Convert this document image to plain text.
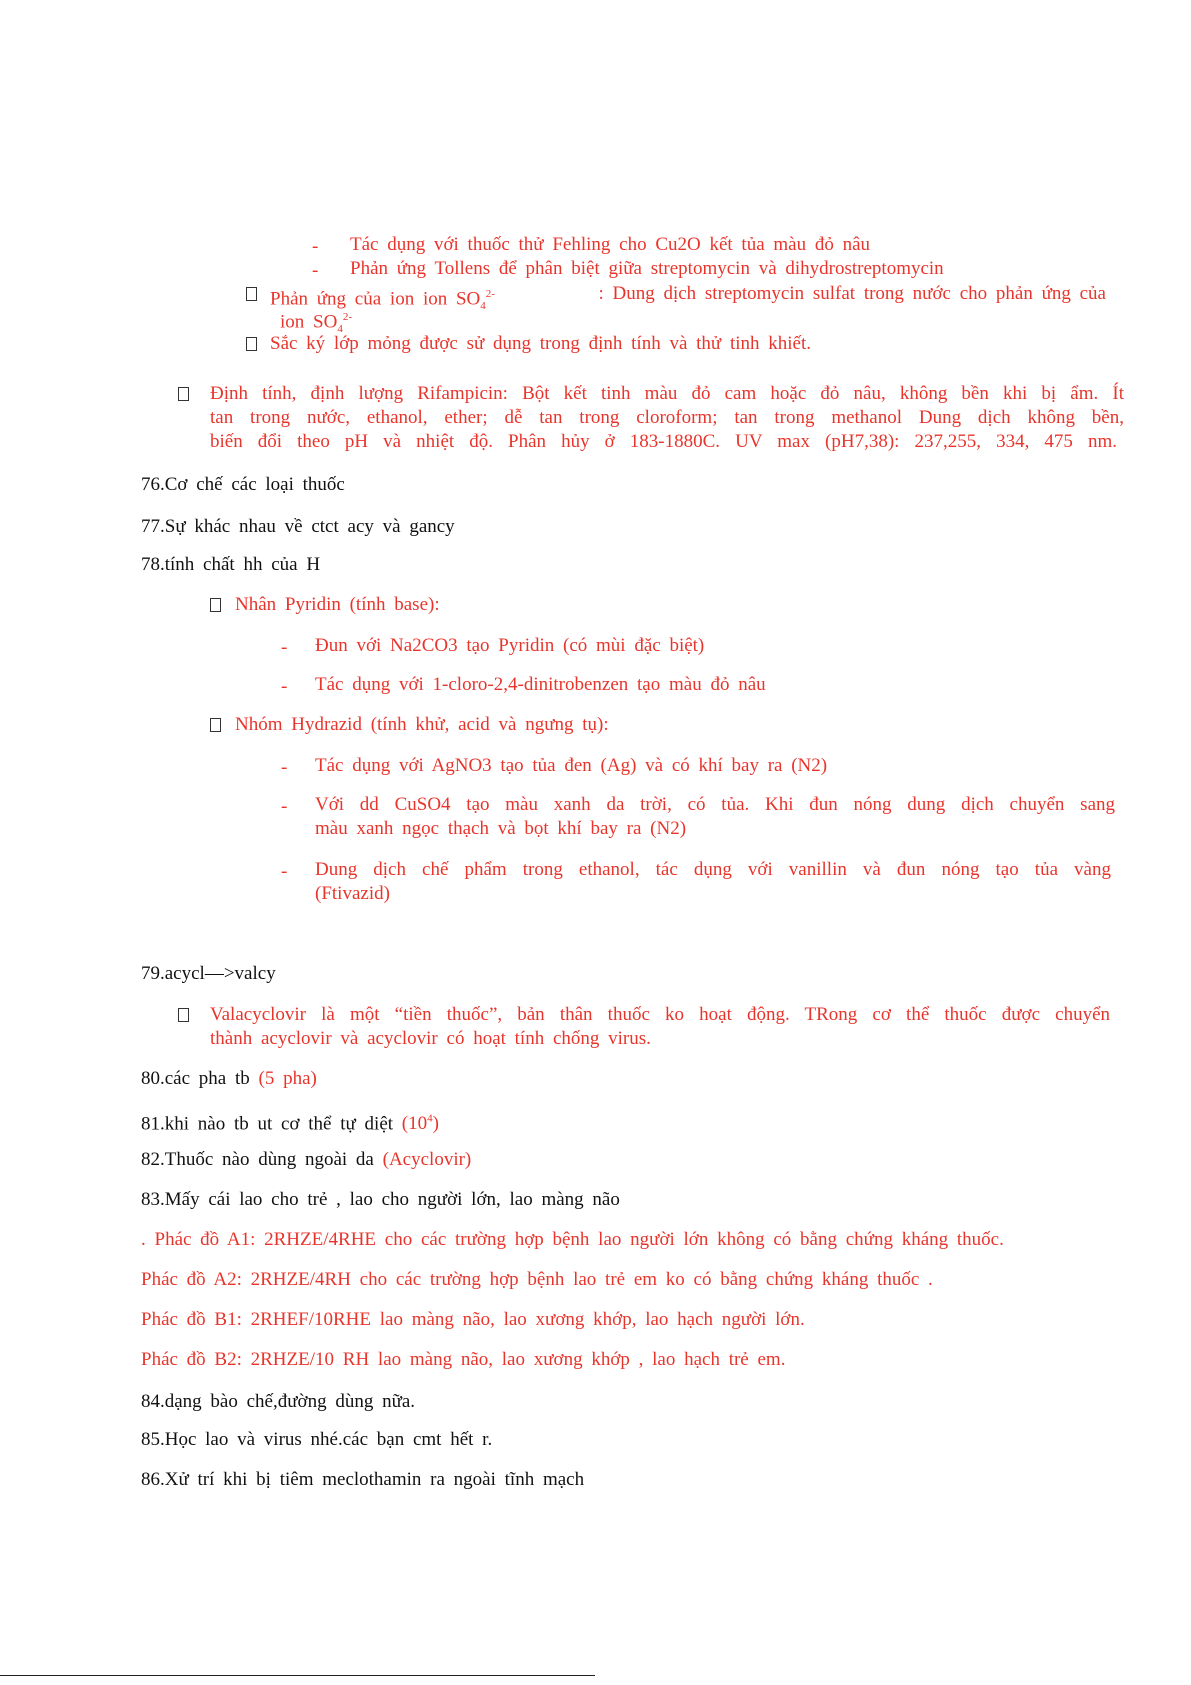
- Tác dụng với thuốc thử Fehling cho Cu2O kết tủa màu đỏ nâu
- Phản ứng Tollens để phân biệt giữa streptomycin và dihydrostreptomycin
Phản ứng của ion ion $SO_4^{2-}$	: Dung dịch streptomycin sulfat trong nước cho phản ứng của
ion $SO_4^{2-}$
Sắc ký lớp mỏng được sử dụng trong định tính và thử tinh khiết.
Định tính, định lượng Rifampicin: Bột kết tinh màu đỏ cam hoặc đỏ nâu, không bền khi bị ẩm. Ít
tan trong nước, ethanol, ether; dễ tan trong cloroform; tan trong methanol Dung dịch không bền,
biến đổi theo pH và nhiệt độ. Phân hủy ở 183-1880C. UV max (pH7,38): 237,255, 334, 475 nm.
76.Cơ chế các loại thuốc
77.Sự khác nhau về ctct acy và gancy
78.tính chất hh của H
Nhân Pyridin (tính base):
- Đun với Na2CO3 tạo Pyridin (có mùi đặc biệt)
- Tác dụng với 1-cloro-2,4-dinitrobenzen tạo màu đỏ nâu
Nhóm Hydrazid (tính khử, acid và ngưng tụ):
- Tác dụng với AgNO3 tạo tủa đen (Ag) và có khí bay ra (N2)
- Với dd CuSO4 tạo màu xanh da trời, có tủa. Khi đun nóng dung dịch chuyển sang
màu xanh ngọc thạch và bọt khí bay ra (N2)
- Dung dịch chế phẩm trong ethanol, tác dụng với vanillin và đun nóng tạo tủa vàng
(Ftivazid)
79.acycl—>valcy
Valacyclovir là một “tiền thuốc”, bản thân thuốc ko hoạt động. TRong cơ thể thuốc được chuyển
thành acyclovir và acyclovir có hoạt tính chống virus.
80.các pha tb (5 pha)
81.khi nào tb ut cơ thể tự diệt $(10^4)$
82.Thuốc nào dùng ngoài da (Acyclovir)
83.Mấy cái lao cho trẻ , lao cho người lớn, lao màng não
. Phác đồ A1: 2RHZE/4RHE cho các trường hợp bệnh lao người lớn không có bằng chứng kháng thuốc.
Phác đồ A2: 2RHZE/4RH cho các trường hợp bệnh lao trẻ em ko có bằng chứng kháng thuốc .
Phác đồ B1: 2RHEF/10RHE lao màng não, lao xương khớp, lao hạch người lớn.
Phác đồ B2: 2RHZE/10 RH lao màng não, lao xương khớp , lao hạch trẻ em.
84.dạng bào chế,đường dùng nữa.
85.Học lao và virus nhé.các bạn cmt hết r.
86.Xử trí khi bị tiêm meclothamin ra ngoài tĩnh mạch
